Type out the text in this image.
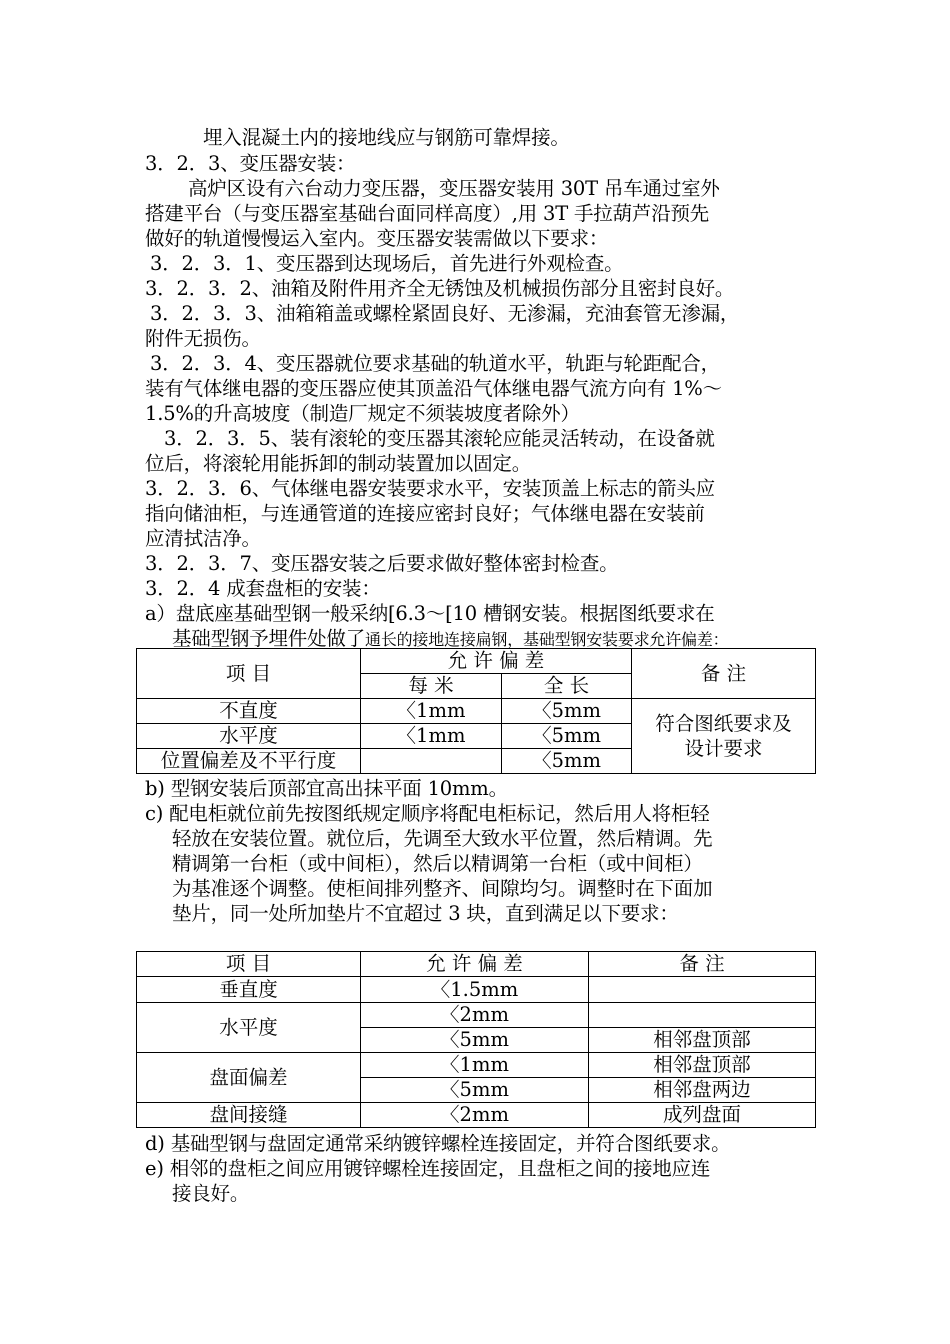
埋入混凝土内的接地线应与钢筋可靠焊接。
3．2．3、变压器安装：
高炉区设有六台动力变压器，变压器安装用 30T 吊车通过室外
搭建平台（与变压器室基础台面同样高度）,用 3T 手拉葫芦沿预先
做好的轨道慢慢运入室内。变压器安装需做以下要求：
3．2．3．1、变压器到达现场后，首先进行外观检查。
3．2．3．2、油箱及附件用齐全无锈蚀及机械损伤部分且密封良好。
3．2．3．3、油箱箱盖或螺栓紧固良好、无渗漏，充油套管无渗漏，
附件无损伤。
3．2．3．4、变压器就位要求基础的轨道水平，轨距与轮距配合，
装有气体继电器的变压器应使其顶盖沿气体继电器气流方向有 1%～
1.5%的升高坡度（制造厂规定不须装坡度者除外）
3．2．3．5、装有滚轮的变压器其滚轮应能灵活转动，在设备就
位后，将滚轮用能拆卸的制动装置加以固定。
3．2．3．6、气体继电器安装要求水平，安装顶盖上标志的箭头应
指向储油柜，与连通管道的连接应密封良好；气体继电器在安装前
应清拭洁净。
3．2．3．7、变压器安装之后要求做好整体密封检查。
3．2．4 成套盘柜的安装：
a）盘底座基础型钢一般采纳[6.3～[10 槽钢安装。根据图纸要求在
基础型钢予埋件处做了通长的接地连接扁钢，基础型钢安装要求允许偏差：
项 目	允 许 偏 差		备 注
	每 米	全 长	
不直度	〈1mm	〈5mm	符合图纸要求及
设计要求

水平度	〈1mm	〈5mm	
位置偏差及不平行度		〈5mm	
b) 型钢安装后顶部宜高出抹平面 10mm。
c) 配电柜就位前先按图纸规定顺序将配电柜标记，然后用人将柜轻
轻放在安装位置。就位后，先调至大致水平位置，然后精调。先
精调第一台柜（或中间柜），然后以精调第一台柜（或中间柜）
为基准逐个调整。使柜间排列整齐、间隙均匀。调整时在下面加
垫片，同一处所加垫片不宜超过 3 块，直到满足以下要求：
项 目	允 许 偏 差	备 注
垂直度	〈1.5mm	
水平度	〈2mm	
	〈5mm	相邻盘顶部
盘面偏差	〈1mm	相邻盘顶部
	〈5mm	相邻盘两边
盘间接缝	〈2mm	成列盘面
d) 基础型钢与盘固定通常采纳镀锌螺栓连接固定，并符合图纸要求。
e) 相邻的盘柜之间应用镀锌螺栓连接固定，且盘柜之间的接地应连
接良好。
